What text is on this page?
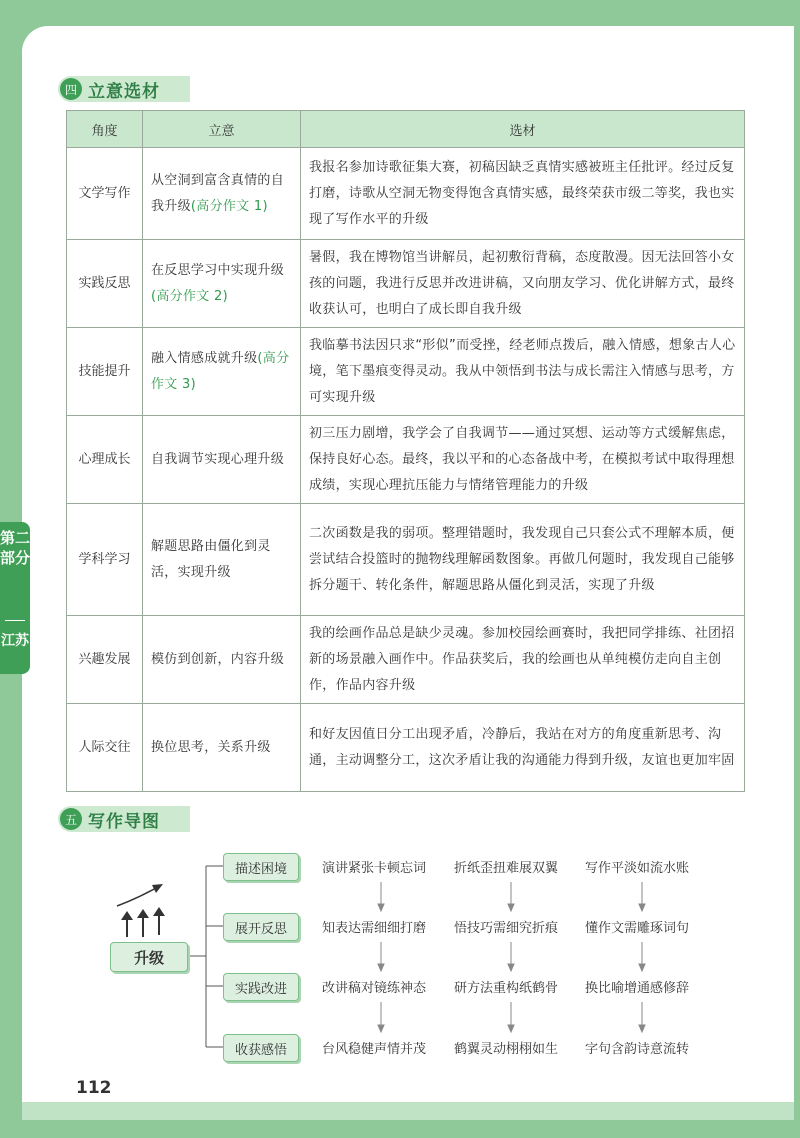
四 立意选材
角度	立意	选材
文学写作	从空洞到富含真情的自我升级(高分作文 1)	我报名参加诗歌征集大赛，初稿因缺乏真情实感被班主任批评。经过反复打磨，诗歌从空洞无物变得饱含真情实感，最终荣获市级二等奖，我也实现了写作水平的升级
实践反思	在反思学习中实现升级(高分作文 2)	暑假，我在博物馆当讲解员，起初敷衍背稿，态度散漫。因无法回答小女孩的问题，我进行反思并改进讲稿，又向朋友学习、优化讲解方式，最终收获认可，也明白了成长即自我升级
技能提升	融入情感成就升级(高分作文 3)	我临摹书法因只求“形似”而受挫，经老师点拨后，融入情感，想象古人心境，笔下墨痕变得灵动。我从中领悟到书法与成长需注入情感与思考，方可实现升级
心理成长	自我调节实现心理升级	初三压力剧增，我学会了自我调节——通过冥想、运动等方式缓解焦虑，保持良好心态。最终，我以平和的心态备战中考，在模拟考试中取得理想成绩，实现心理抗压能力与情绪管理能力的升级
学科学习	解题思路由僵化到灵活，实现升级	二次函数是我的弱项。整理错题时，我发现自己只套公式不理解本质，便尝试结合投篮时的抛物线理解函数图象。再做几何题时，我发现自己能够拆分题干、转化条件，解题思路从僵化到灵活，实现了升级
兴趣发展	模仿到创新，内容升级	我的绘画作品总是缺少灵魂。参加校园绘画赛时，我把同学排练、社团招新的场景融入画作中。作品获奖后，我的绘画也从单纯模仿走向自主创作，作品内容升级
人际交往	换位思考，关系升级	和好友因值日分工出现矛盾，冷静后，我站在对方的角度重新思考、沟通，主动调整分工，这次矛盾让我的沟通能力得到升级，友谊也更加牢固
五 写作导图
升级
描述困境
展开反思
实践改进
收获感悟
演讲紧张卡顿忘词 折纸歪扭难展双翼 写作平淡如流水账
知表达需细细打磨 悟技巧需细究折痕 懂作文需雕琢词句
改讲稿对镜练神态 研方法重构纸鹤骨 换比喻增通感修辞
台风稳健声情并茂 鹤翼灵动栩栩如生 字句含韵诗意流转
第二部分
江苏
112
